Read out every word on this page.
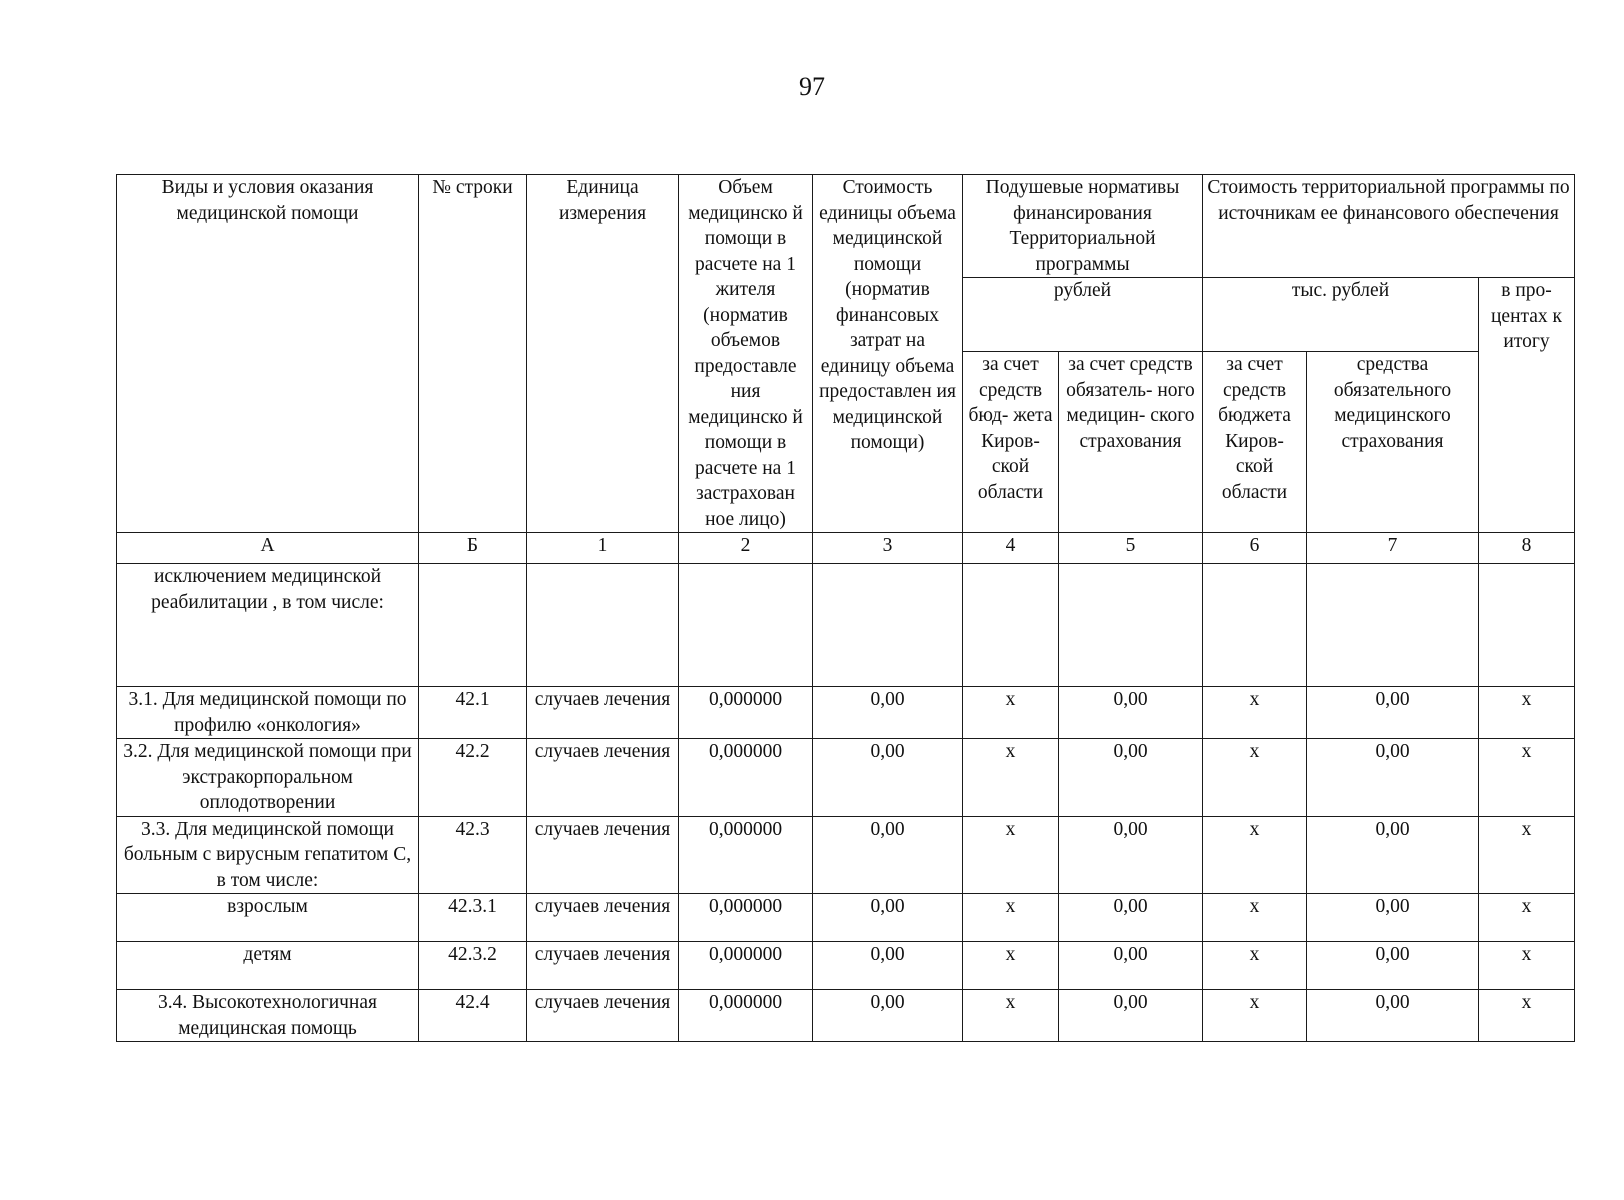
97
Виды и условия оказания медицинской помощи	№ строки	Единица измерения	Объем медицинско й помощи в расчете на 1 жителя (норматив объемов предоставле ния медицинско й помощи в расчете на 1 застрахован ное лицо)	Стоимость единицы объема медицинской помощи (норматив финансовых затрат на единицу объема предоставлен ия медицинской помощи)	Подушевые нормативы финансирования Территориальной программы		Стоимость территориальной программы по источникам ее финансового обеспечения		
					рублей		тыс. рублей		в про- центах к итогу
					за счет средств бюд- жета Киров- ской области	за счет средств обязатель- ного медицин- ского страхования	за счет средств бюджета Киров- ской области	средства обязательного медицинского страхования	

А	Б	1	2	3	4	5	6	7	8
исключением медицинской реабилитации , в том числе:									
3.1. Для медицинской помощи по профилю «онкология»	42.1	случаев лечения	0,000000	0,00	х	0,00	х	0,00	х
3.2. Для медицинской помощи при экстракорпоральном оплодотворении	42.2	случаев лечения	0,000000	0,00	х	0,00	х	0,00	х
3.3. Для медицинской помощи больным с вирусным гепатитом С, в том числе:	42.3	случаев лечения	0,000000	0,00	х	0,00	х	0,00	х
взрослым	42.3.1	случаев лечения	0,000000	0,00	х	0,00	х	0,00	х
детям	42.3.2	случаев лечения	0,000000	0,00	х	0,00	х	0,00	х
3.4. Высокотехнологичная медицинская помощь	42.4	случаев лечения	0,000000	0,00	х	0,00	х	0,00	х
